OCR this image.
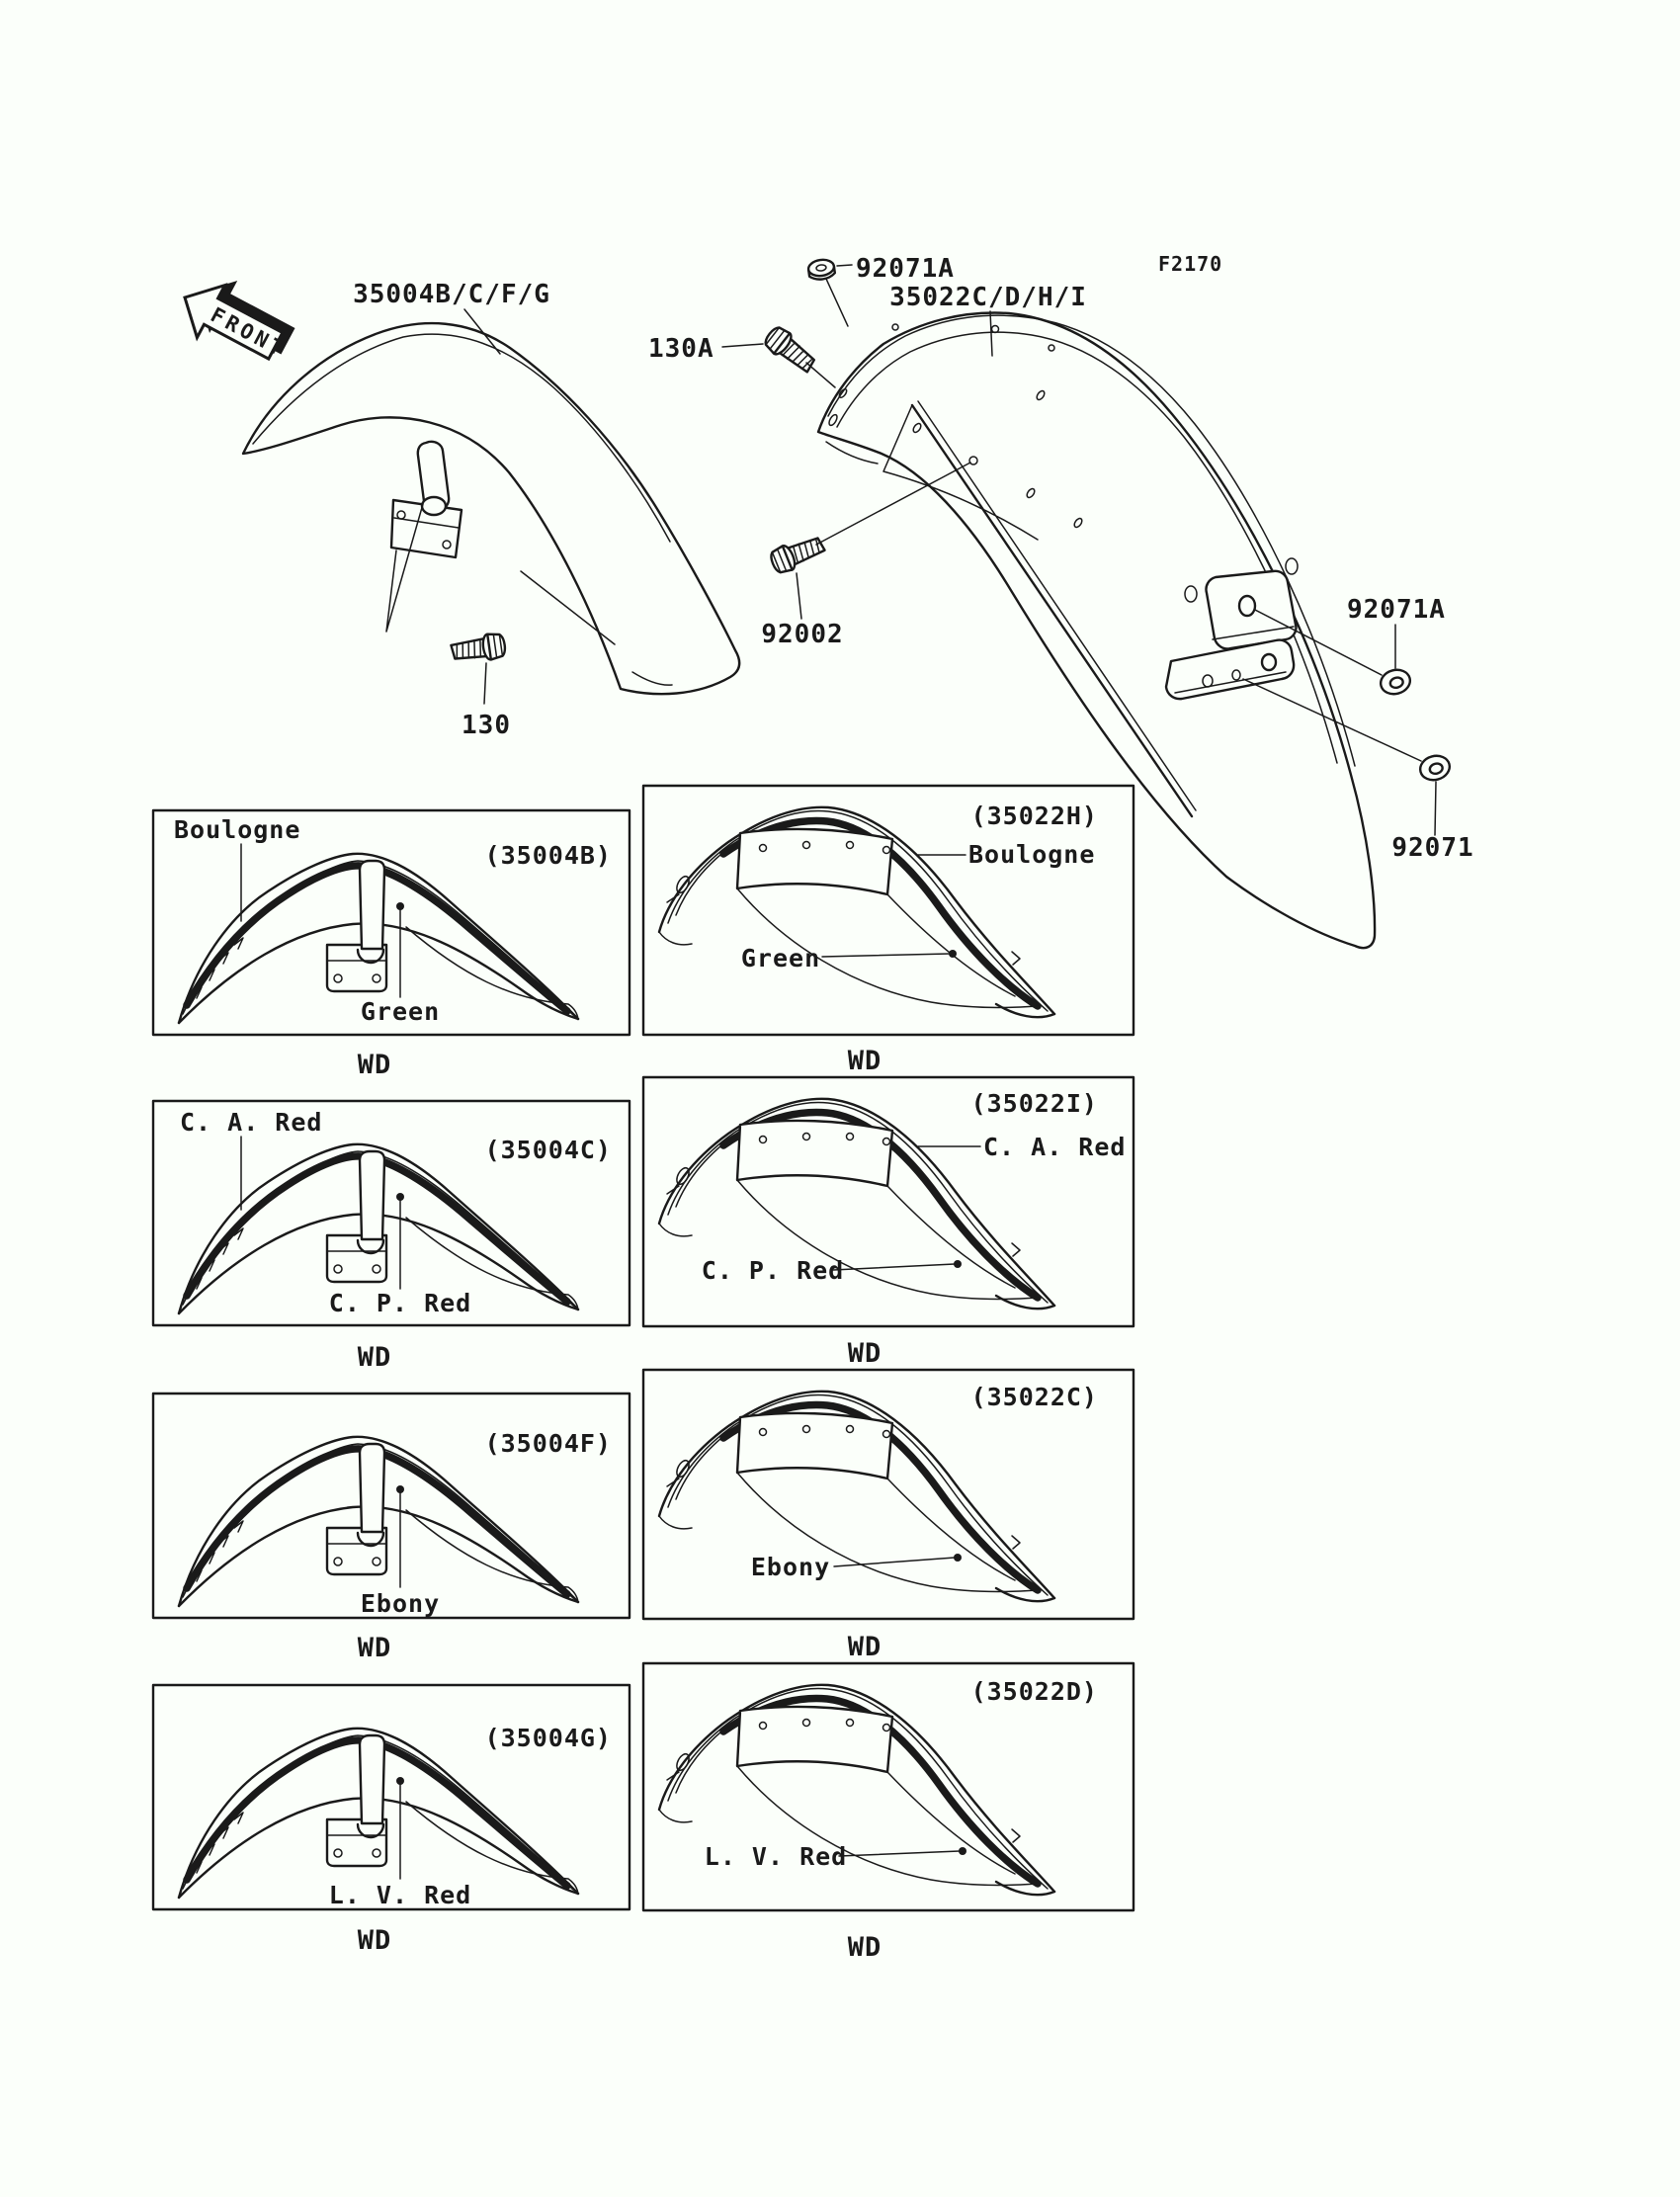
FRONT
F2170
35004B/C/F/G	35022C/D/H/I
92071A
130A
92002
130
92071A
92071
Boulogne
(35004B)
Green
WD
C. A. Red
(35004C)
C. P. Red
WD
(35004F)
Ebony
WD
(35004G)
L. V. Red
WD
(35022H)
Boulogne
Green
WD
(35022I)
C. A. Red
C. P. Red
WD
(35022C)
Ebony
WD
(35022D)
L. V. Red
WD
